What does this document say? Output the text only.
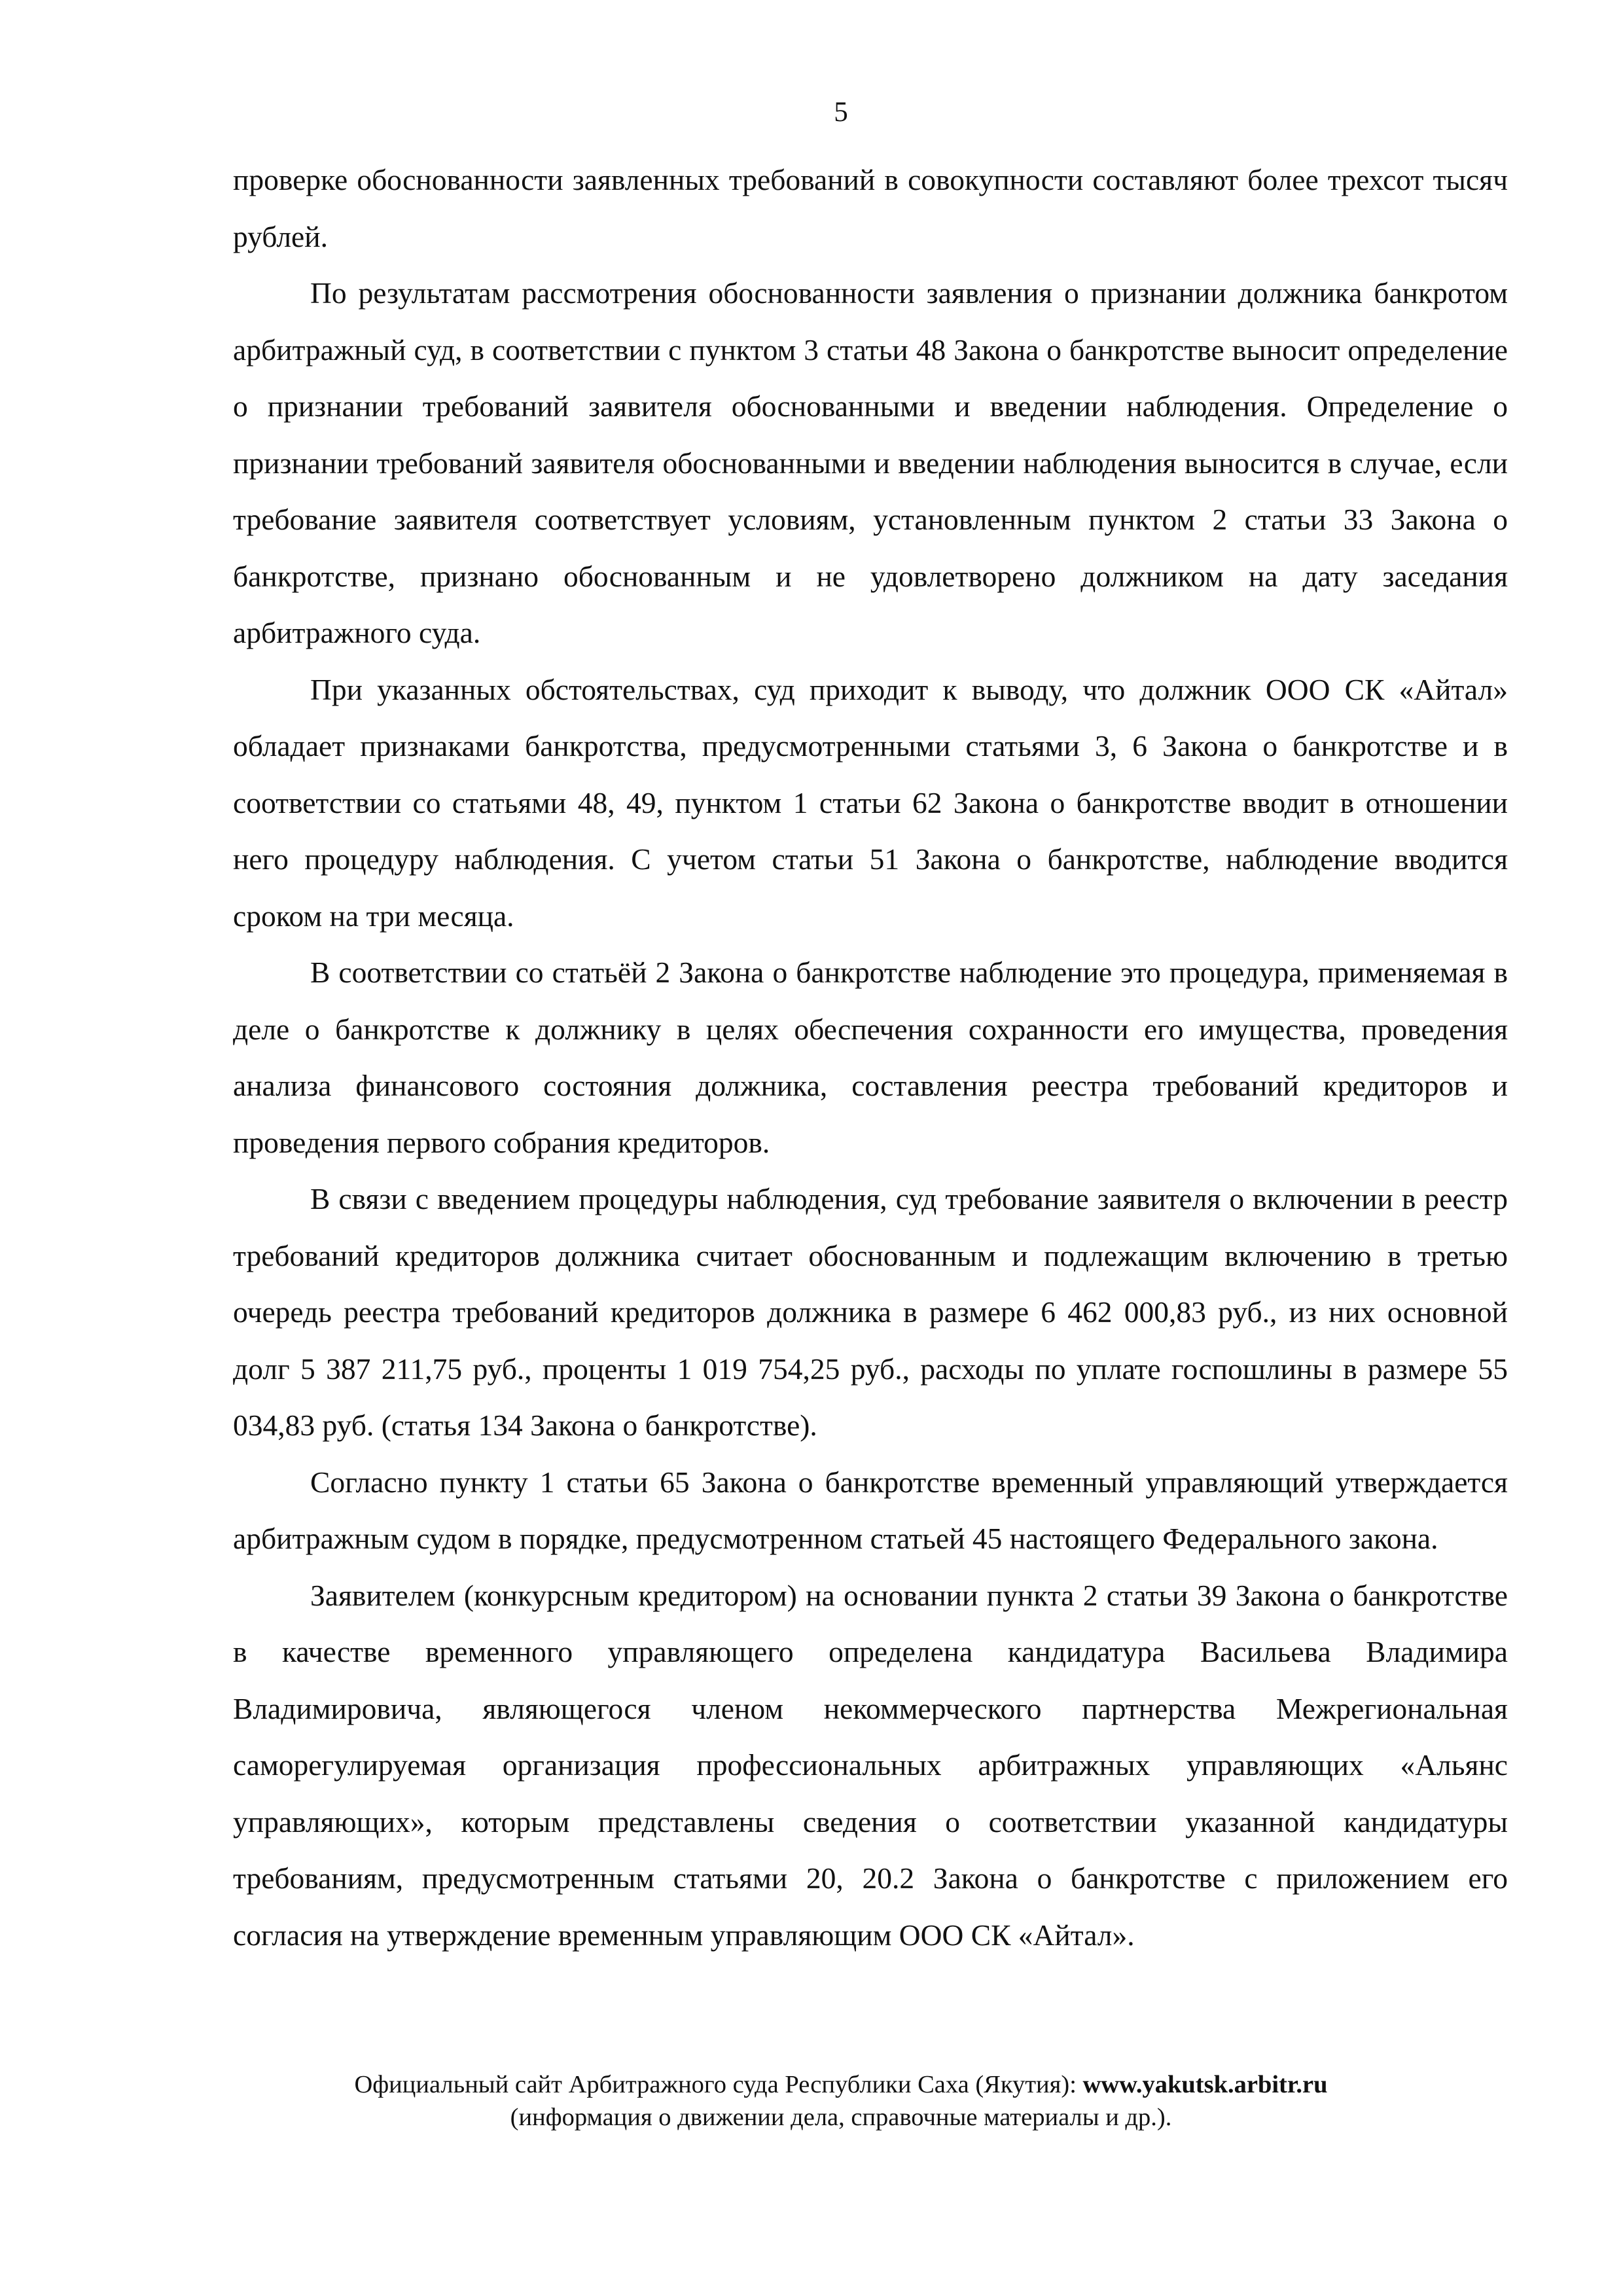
5

проверке обоснованности заявленных требований в совокупности составляют более трехсот тысяч рублей.

По результатам рассмотрения обоснованности заявления о признании должника банкротом арбитражный суд, в соответствии с пунктом 3 статьи 48 Закона о банкротстве выносит определение о признании требований заявителя обоснованными и введении наблюдения. Определение о признании требований заявителя обоснованными и введении наблюдения выносится в случае, если требование заявителя соответствует условиям, установленным пунктом 2 статьи 33 Закона о банкротстве, признано обоснованным и не удовлетворено должником на дату заседания арбитражного суда.

При указанных обстоятельствах, суд приходит к выводу, что должник ООО СК «Айтал» обладает признаками банкротства, предусмотренными статьями 3, 6 Закона о банкротстве и в соответствии со статьями 48, 49, пунктом 1 статьи 62 Закона о банкротстве вводит в отношении него процедуру наблюдения. С учетом статьи 51 Закона о банкротстве, наблюдение вводится сроком на три месяца.

В соответствии со статьёй 2 Закона о банкротстве наблюдение это процедура, применяемая в деле о банкротстве к должнику в целях обеспечения сохранности его имущества, проведения анализа финансового состояния должника, составления реестра требований кредиторов и проведения первого собрания кредиторов.

В связи с введением процедуры наблюдения, суд требование заявителя о включении в реестр требований кредиторов должника считает обоснованным и подлежащим включению в третью очередь реестра требований кредиторов должника в размере 6 462 000,83 руб., из них основной долг 5 387 211,75 руб., проценты 1 019 754,25 руб., расходы по уплате госпошлины в размере 55 034,83 руб. (статья 134 Закона о банкротстве).

Согласно пункту 1 статьи 65 Закона о банкротстве временный управляющий утверждается арбитражным судом в порядке, предусмотренном статьей 45 настоящего Федерального закона.

Заявителем (конкурсным кредитором) на основании пункта 2 статьи 39 Закона о банкротстве в качестве временного управляющего определена кандидатура Васильева Владимира Владимировича, являющегося членом некоммерческого партнерства Межрегиональная саморегулируемая организация профессиональных арбитражных управляющих «Альянс управляющих», которым представлены сведения о соответствии указанной кандидатуры требованиям, предусмотренным статьями 20, 20.2 Закона о банкротстве с приложением его согласия на утверждение временным управляющим ООО СК «Айтал».

Официальный сайт Арбитражного суда Республики Саха (Якутия): www.yakutsk.arbitr.ru
(информация о движении дела, справочные материалы и др.).
